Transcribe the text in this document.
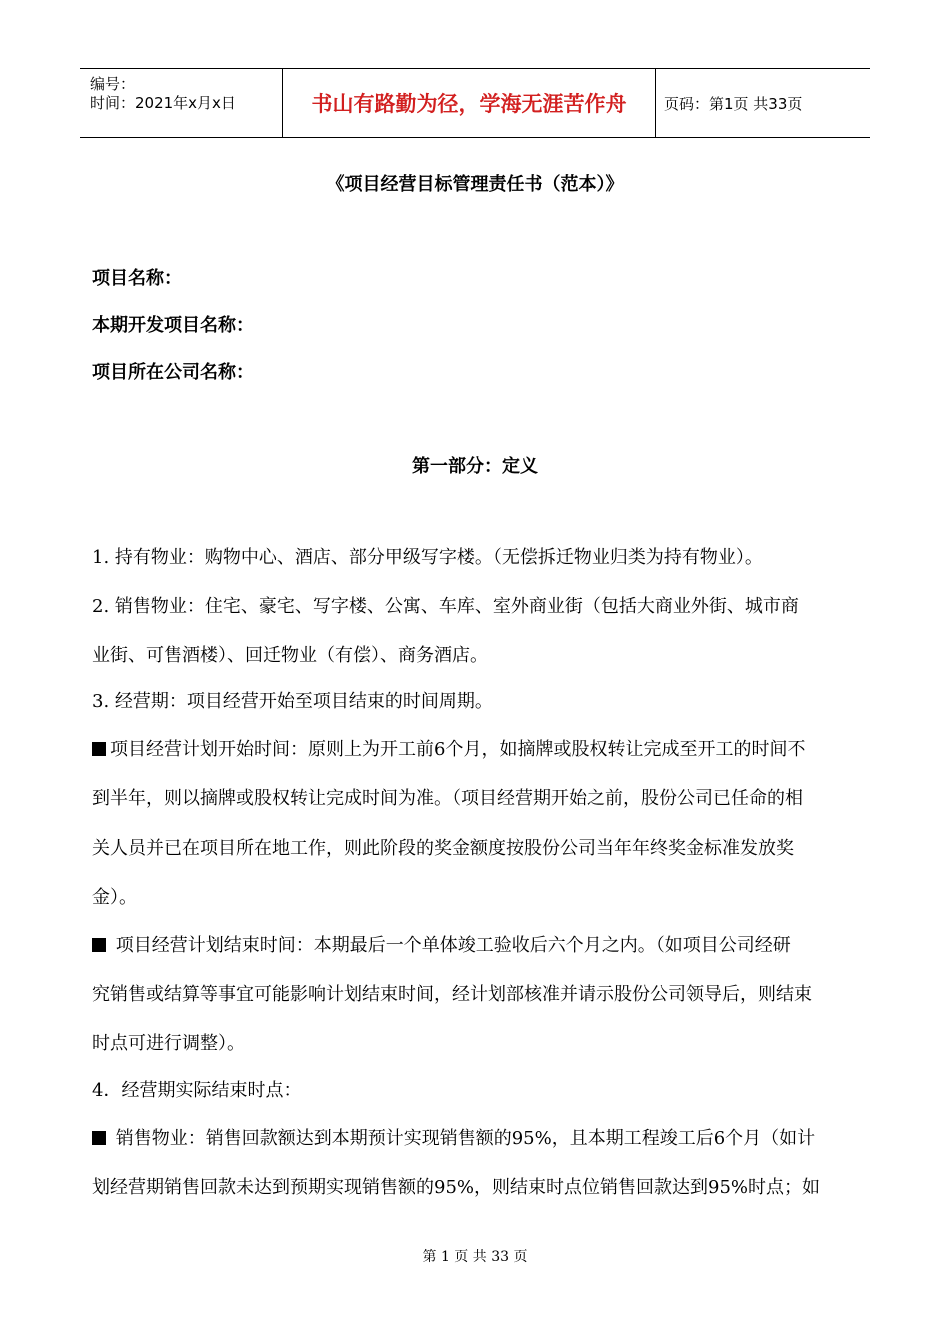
编号：
时间：2021年x月x日	书山有路勤为径，学海无涯苦作舟	页码：第1页 共33页
《项目经营目标管理责任书（范本）》
项目名称：
本期开发项目名称：
项目所在公司名称：
第一部分：定义
1. 持有物业：购物中心、酒店、部分甲级写字楼。（无偿拆迁物业归类为持有物业）。
2. 销售物业：住宅、豪宅、写字楼、公寓、车库、室外商业街（包括大商业外街、城市商
业街、可售酒楼）、回迁物业（有偿）、商务酒店。
3. 经营期：项目经营开始至项目结束的时间周期。
项目经营计划开始时间：原则上为开工前6个月，如摘牌或股权转让完成至开工的时间不
到半年，则以摘牌或股权转让完成时间为准。（项目经营期开始之前，股份公司已任命的相
关人员并已在项目所在地工作，则此阶段的奖金额度按股份公司当年年终奖金标准发放奖
金）。
项目经营计划结束时间：本期最后一个单体竣工验收后六个月之内。（如项目公司经研
究销售或结算等事宜可能影响计划结束时间，经计划部核准并请示股份公司领导后，则结束
时点可进行调整）。
4．经营期实际结束时点：
销售物业：销售回款额达到本期预计实现销售额的95%，且本期工程竣工后6个月（如计
划经营期销售回款未达到预期实现销售额的95%，则结束时点位销售回款达到95%时点；如
第 1 页 共 33 页
